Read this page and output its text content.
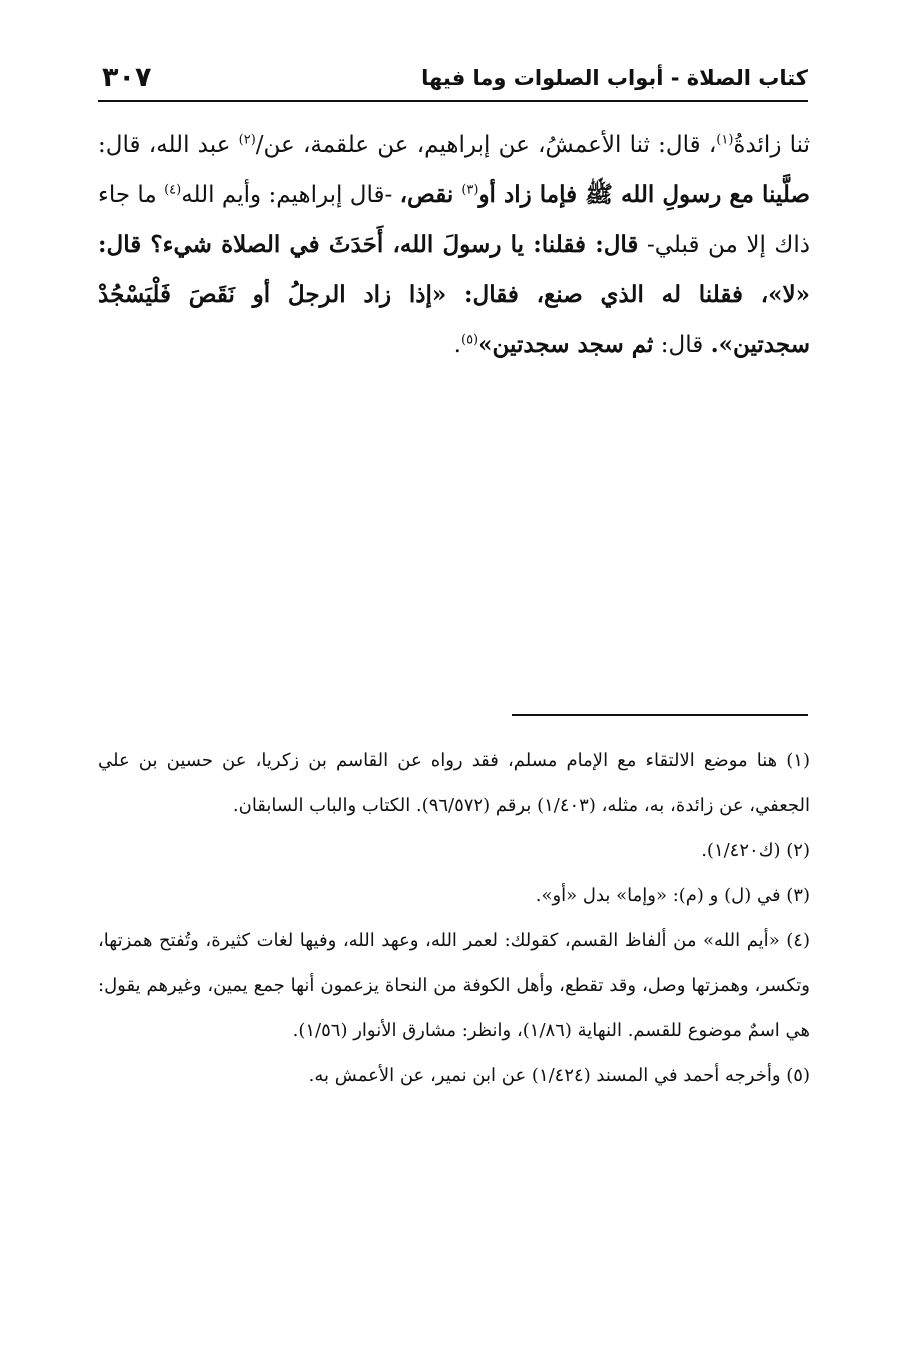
كتاب الصلاة - أبواب الصلوات وما فيها
٣٠٧

ثنا زائدةُ$^{(١)}$، قال: ثنا الأعمشُ، عن إبراهيم، عن علقمة، عن/$^{(٢)}$ عبد الله، قال: صلَّينا مع رسولِ الله ﷺ فإما زاد أو$^{(٣)}$ نقص، -قال إبراهيم: وأيم الله$^{(٤)}$ ما جاء ذاك إلا من قبلي- قال: فقلنا: يا رسولَ الله، أَحَدَثَ في الصلاة شيء؟ قال: «لا»، فقلنا له الذي صنع، فقال: «إذا زاد الرجلُ أو نَقَصَ فَلْيَسْجُدْ سجدتين». قال: ثم سجد سجدتين»$^{(٥)}$.

(١) هنا موضع الالتقاء مع الإمام مسلم، فقد رواه عن القاسم بن زكريا، عن حسين بن علي الجعفي، عن زائدة، به، مثله، (١/٤٠٣) برقم (٩٦/٥٧٢). الكتاب والباب السابقان.

(٢) (ك١/٤٢٠).

(٣) في (ل) و (م): «وإما» بدل «أو».

(٤) «أيم الله» من ألفاظ القسم، كقولك: لعمر الله، وعهد الله، وفيها لغات كثيرة، وتُفتح همزتها، وتكسر، وهمزتها وصل، وقد تقطع، وأهل الكوفة من النحاة يزعمون أنها جمع يمين، وغيرهم يقول: هي اسمٌ موضوع للقسم. النهاية (١/٨٦)، وانظر: مشارق الأنوار (١/٥٦).

(٥) وأخرجه أحمد في المسند (١/٤٢٤) عن ابن نمير، عن الأعمش به.
